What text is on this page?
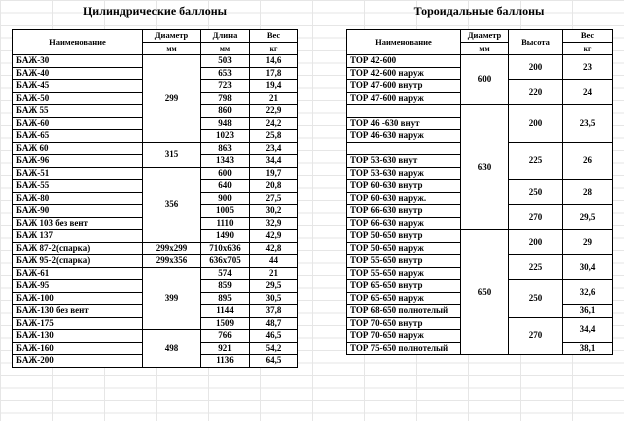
Цилиндрические баллоны	Тороидальные баллоны
Наименование	Диаметр	Длина	Вес
	мм	мм	кг
БАЖ-30	299	503	14,6
БАЖ-40		653	17,8
БАЖ-45		723	19,4
БАЖ-50		798	21
БАЖ 55		860	22,9
БАЖ-60		948	24,2
БАЖ-65		1023	25,8
БАЖ 60	315	863	23,4
БАЖ-96		1343	34,4
БАЖ-51	356	600	19,7
БАЖ-55		640	20,8
БАЖ-80		900	27,5
БАЖ-90		1005	30,2
БАЖ 103 без вент		1110	32,9
БАЖ 137		1490	42,9
БАЖ 87-2(спарка)	299х299	710х636	42,8
БАЖ 95-2(спарка)	299х356	636х705	44
БАЖ-61	399	574	21
БАЖ-95		859	29,5
БАЖ-100		895	30,5
БАЖ-130 без вент		1144	37,8
БАЖ-175		1509	48,7
БАЖ-130	498	766	46,5
БАЖ-160		921	54,2
БАЖ-200		1136	64,5
Наименование	Диаметр	Высота	Вес
	мм		кг
ТОР 42-600	600	200	23
ТОР 42-600 наруж			
ТОР 47-600 внутр		220	24
ТОР 47-600 наруж			
	630	200	23,5
ТОР 46 -630 внут			
ТОР 46-630 наруж			
		225	26
ТОР 53-630 внут			
ТОР 53-630 наруж			
ТОР 60-630 внутр		250	28
ТОР 60-630 наруж.			
ТОР 66-630 внутр		270	29,5
ТОР 66-630 наруж			
ТОР 50-650 внутр	650	200	29
ТОР 50-650 наруж			
ТОР 55-650 внутр		225	30,4
ТОР 55-650 наруж			
ТОР 65-650 внутр		250	32,6
ТОР 65-650 наруж			
ТОР 68-650 полнотелый			36,1
ТОР 70-650 внутр		270	34,4
ТОР 70-650 наруж			
ТОР 75-650 полнотелый			38,1
